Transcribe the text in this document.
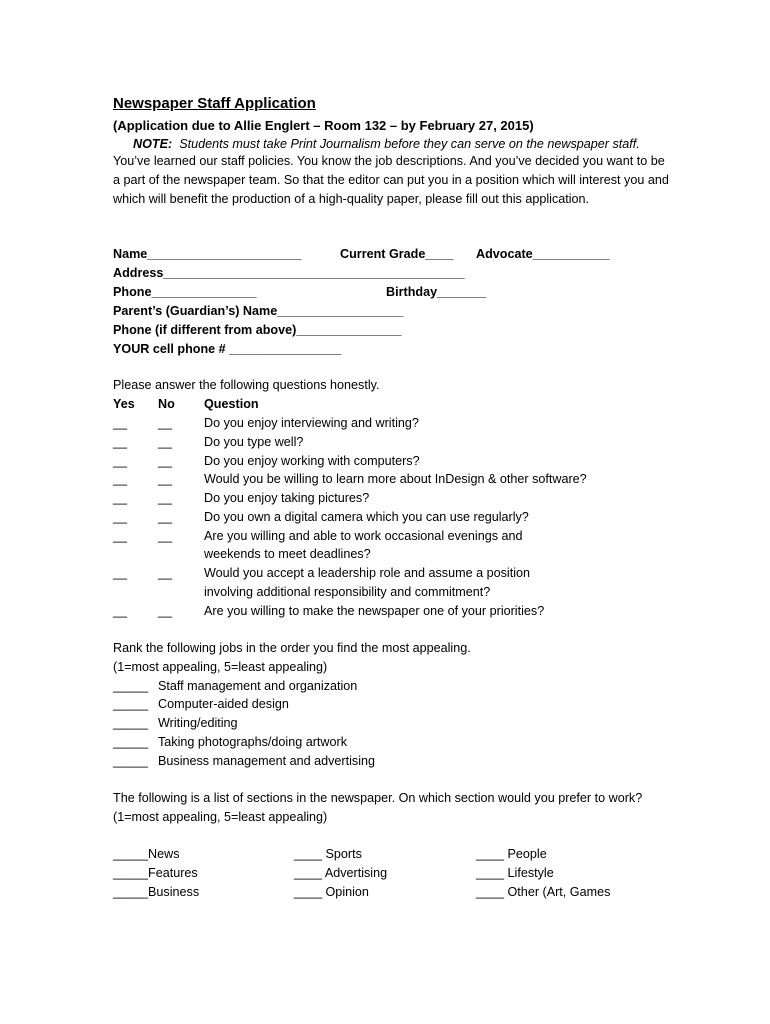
Newspaper Staff Application
(Application due to Allie Englert – Room 132 – by February 27, 2015)
NOTE: Students must take Print Journalism before they can serve on the newspaper staff.
You’ve learned our staff policies. You know the job descriptions. And you’ve decided you want to be a part of the newspaper team. So that the editor can put you in a position which will interest you and which will benefit the production of a high-quality paper, please fill out this application.
Name______________________	Current Grade____ Advocate___________
Address___________________________________________
Phone_______________	Birthday_______
Parent’s (Guardian’s) Name__________________
Phone (if different from above)_______________
YOUR cell phone # ________________
Please answer the following questions honestly.
Yes No Question
__ __	Do you enjoy interviewing and writing?
__ __	Do you type well?
__ __	Do you enjoy working with computers?
__ __	Would you be willing to learn more about InDesign & other software?
__ __	Do you enjoy taking pictures?
__ __	Do you own a digital camera which you can use regularly?
__ __	Are you willing and able to work occasional evenings and
weekends to meet deadlines?
__ __	Would you accept a leadership role and assume a position
involving additional responsibility and commitment?
__ __	Are you willing to make the newspaper one of your priorities?
Rank the following jobs in the order you find the most appealing.
(1=most appealing, 5=least appealing)
_____ Staff management and organization
_____ Computer-aided design
_____ Writing/editing
_____ Taking photographs/doing artwork
_____ Business management and advertising
The following is a list of sections in the newspaper. On which section would you prefer to work?
(1=most appealing, 5=least appealing)
_____News	____ Sports	____ People
_____Features	____ Advertising	____ Lifestyle
_____Business	____ Opinion	____ Other (Art, Games
